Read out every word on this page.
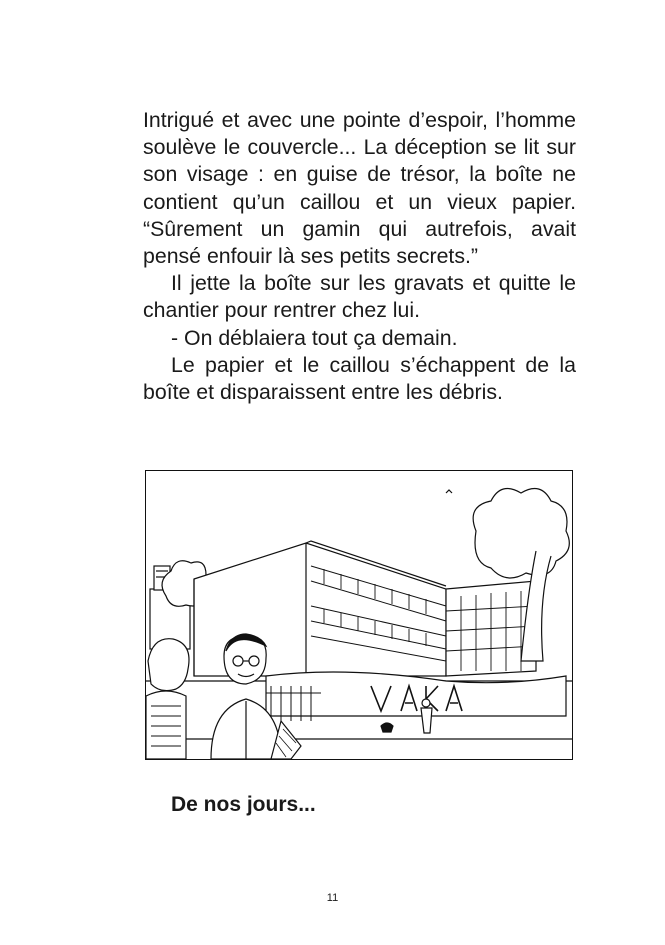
Intrigué et avec une pointe d’espoir, l’homme soulève le couvercle... La déception se lit sur son visage : en guise de trésor, la boîte ne contient qu’un caillou et un vieux papier. “Sûrement un gamin qui autrefois, avait pensé enfouir là ses petits secrets.”

Il jette la boîte sur les gravats et quitte le chantier pour rentrer chez lui.

- On déblaiera tout ça demain.

Le papier et le caillou s’échappent de la boîte et disparaissent entre les débris.

VAKA

De nos jours...

11
